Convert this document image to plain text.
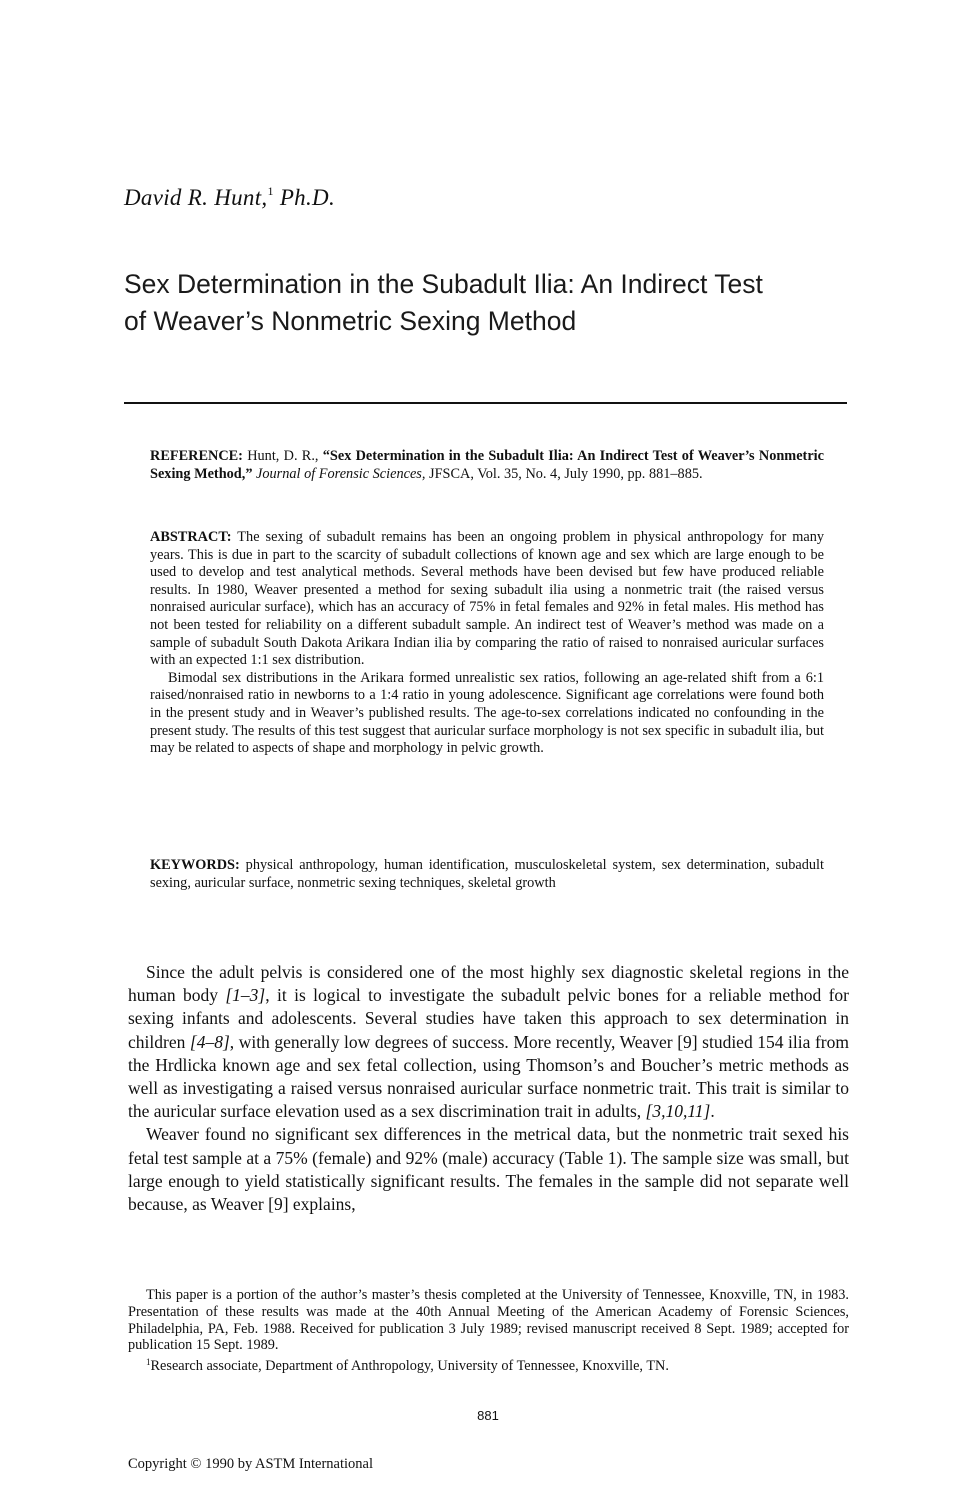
David R. Hunt,$^1$ Ph.D.
Sex Determination in the Subadult Ilia: An Indirect Test
of Weaver’s Nonmetric Sexing Method

REFERENCE: Hunt, D. R., “Sex Determination in the Subadult Ilia: An Indirect Test of Weaver’s Nonmetric Sexing Method,” Journal of Forensic Sciences, JFSCA, Vol. 35, No. 4, July 1990, pp. 881–885.

ABSTRACT: The sexing of subadult remains has been an ongoing problem in physical anthropology for many years. This is due in part to the scarcity of subadult collections of known age and sex which are large enough to be used to develop and test analytical methods. Several methods have been devised but few have produced reliable results. In 1980, Weaver presented a method for sexing subadult ilia using a nonmetric trait (the raised versus nonraised auricular surface), which has an accuracy of 75% in fetal females and 92% in fetal males. His method has not been tested for reliability on a different subadult sample. An indirect test of Weaver’s method was made on a sample of subadult South Dakota Arikara Indian ilia by comparing the ratio of raised to nonraised auricular surfaces with an expected 1:1 sex distribution.

Bimodal sex distributions in the Arikara formed unrealistic sex ratios, following an age-related shift from a 6:1 raised/nonraised ratio in newborns to a 1:4 ratio in young adolescence. Significant age correlations were found both in the present study and in Weaver’s published results. The age-to-sex correlations indicated no confounding in the present study. The results of this test suggest that auricular surface morphology is not sex specific in subadult ilia, but may be related to aspects of shape and morphology in pelvic growth.

KEYWORDS: physical anthropology, human identification, musculoskeletal system, sex determination, subadult sexing, auricular surface, nonmetric sexing techniques, skeletal growth

Since the adult pelvis is considered one of the most highly sex diagnostic skeletal regions in the human body [1–3], it is logical to investigate the subadult pelvic bones for a reliable method for sexing infants and adolescents. Several studies have taken this approach to sex determination in children [4–8], with generally low degrees of success. More recently, Weaver [9] studied 154 ilia from the Hrdlicka known age and sex fetal collection, using Thomson’s and Boucher’s metric methods as well as investigating a raised versus nonraised auricular surface nonmetric trait. This trait is similar to the auricular surface elevation used as a sex discrimination trait in adults, [3,10,11].

Weaver found no significant sex differences in the metrical data, but the nonmetric trait sexed his fetal test sample at a 75% (female) and 92% (male) accuracy (Table 1). The sample size was small, but large enough to yield statistically significant results. The females in the sample did not separate well because, as Weaver [9] explains,

This paper is a portion of the author’s master’s thesis completed at the University of Tennessee, Knoxville, TN, in 1983. Presentation of these results was made at the 40th Annual Meeting of the American Academy of Forensic Sciences, Philadelphia, PA, Feb. 1988. Received for publication 3 July 1989; revised manuscript received 8 Sept. 1989; accepted for publication 15 Sept. 1989.

$^1$Research associate, Department of Anthropology, University of Tennessee, Knoxville, TN.

881
Copyright © 1990 by ASTM International
